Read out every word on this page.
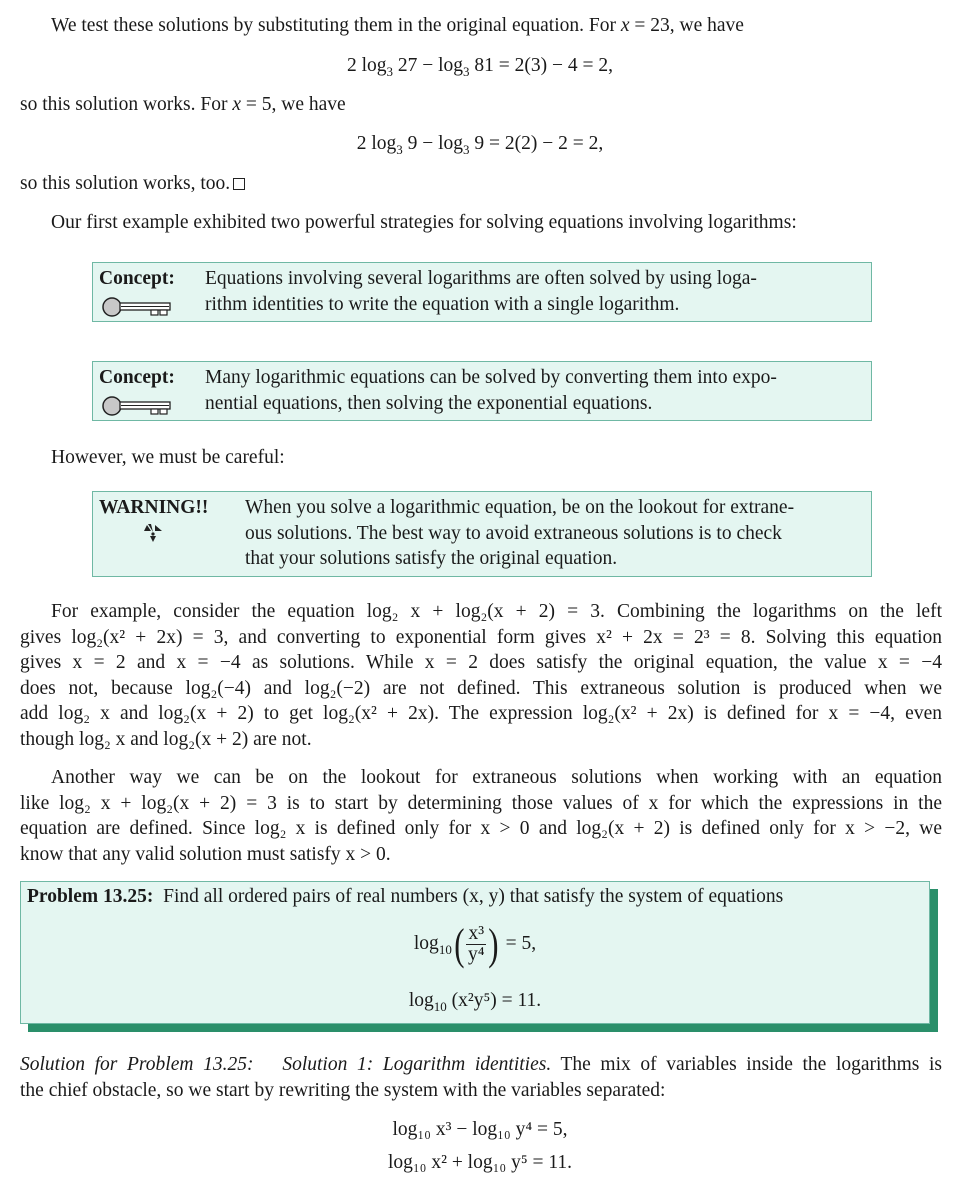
We test these solutions by substituting them in the original equation. For x = 23, we have
2 $\log_3 27 - \log_3 81 = 2(3) - 4 = 2$,
so this solution works. For x = 5, we have
2 $\log_3 9 - \log_3 9 = 2(2) - 2 = 2$,
so this solution works, too.
Our first example exhibited two powerful strategies for solving equations involving logarithms:
Concept: Equations involving several logarithms are often solved by using loga-
rithm identities to write the equation with a single logarithm.
Concept: Many logarithmic equations can be solved by converting them into expo-
nential equations, then solving the exponential equations.
However, we must be careful:
WARNING!! When you solve a logarithmic equation, be on the lookout for extrane-
ous solutions. The best way to avoid extraneous solutions is to check
that your solutions satisfy the original equation.
For example, consider the equation log₂ x + log₂(x + 2) = 3. Combining the logarithms on the left
gives log₂(x² + 2x) = 3, and converting to exponential form gives x² + 2x = 2³ = 8. Solving this equation
gives x = 2 and x = −4 as solutions. While x = 2 does satisfy the original equation, the value x = −4
does not, because log₂(−4) and log₂(−2) are not defined. This extraneous solution is produced when we
add log₂ x and log₂(x + 2) to get log₂(x² + 2x). The expression log₂(x² + 2x) is defined for x = −4, even
though log₂ x and log₂(x + 2) are not.
Another way we can be on the lookout for extraneous solutions when working with an equation
like log₂ x + log₂(x + 2) = 3 is to start by determining those values of x for which the expressions in the
equation are defined. Since log₂ x is defined only for x > 0 and log₂(x + 2) is defined only for x > −2, we
know that any valid solution must satisfy x > 0.
Problem 13.25: Find all ordered pairs of real numbers (x, y) that satisfy the system of equations
$\log_{10}( \frac{\text{x³}}{\text{y⁴}}$ ) = 5,
$\log_{10} (x^2y^5) = 11$.
Solution for Problem 13.25: Solution 1: Logarithm identities. The mix of variables inside the logarithms is
the chief obstacle, so we start by rewriting the system with the variables separated:
log₁₀ x³ − log₁₀ y⁴ = 5,
log₁₀ x² + log₁₀ y⁵ = 11.
